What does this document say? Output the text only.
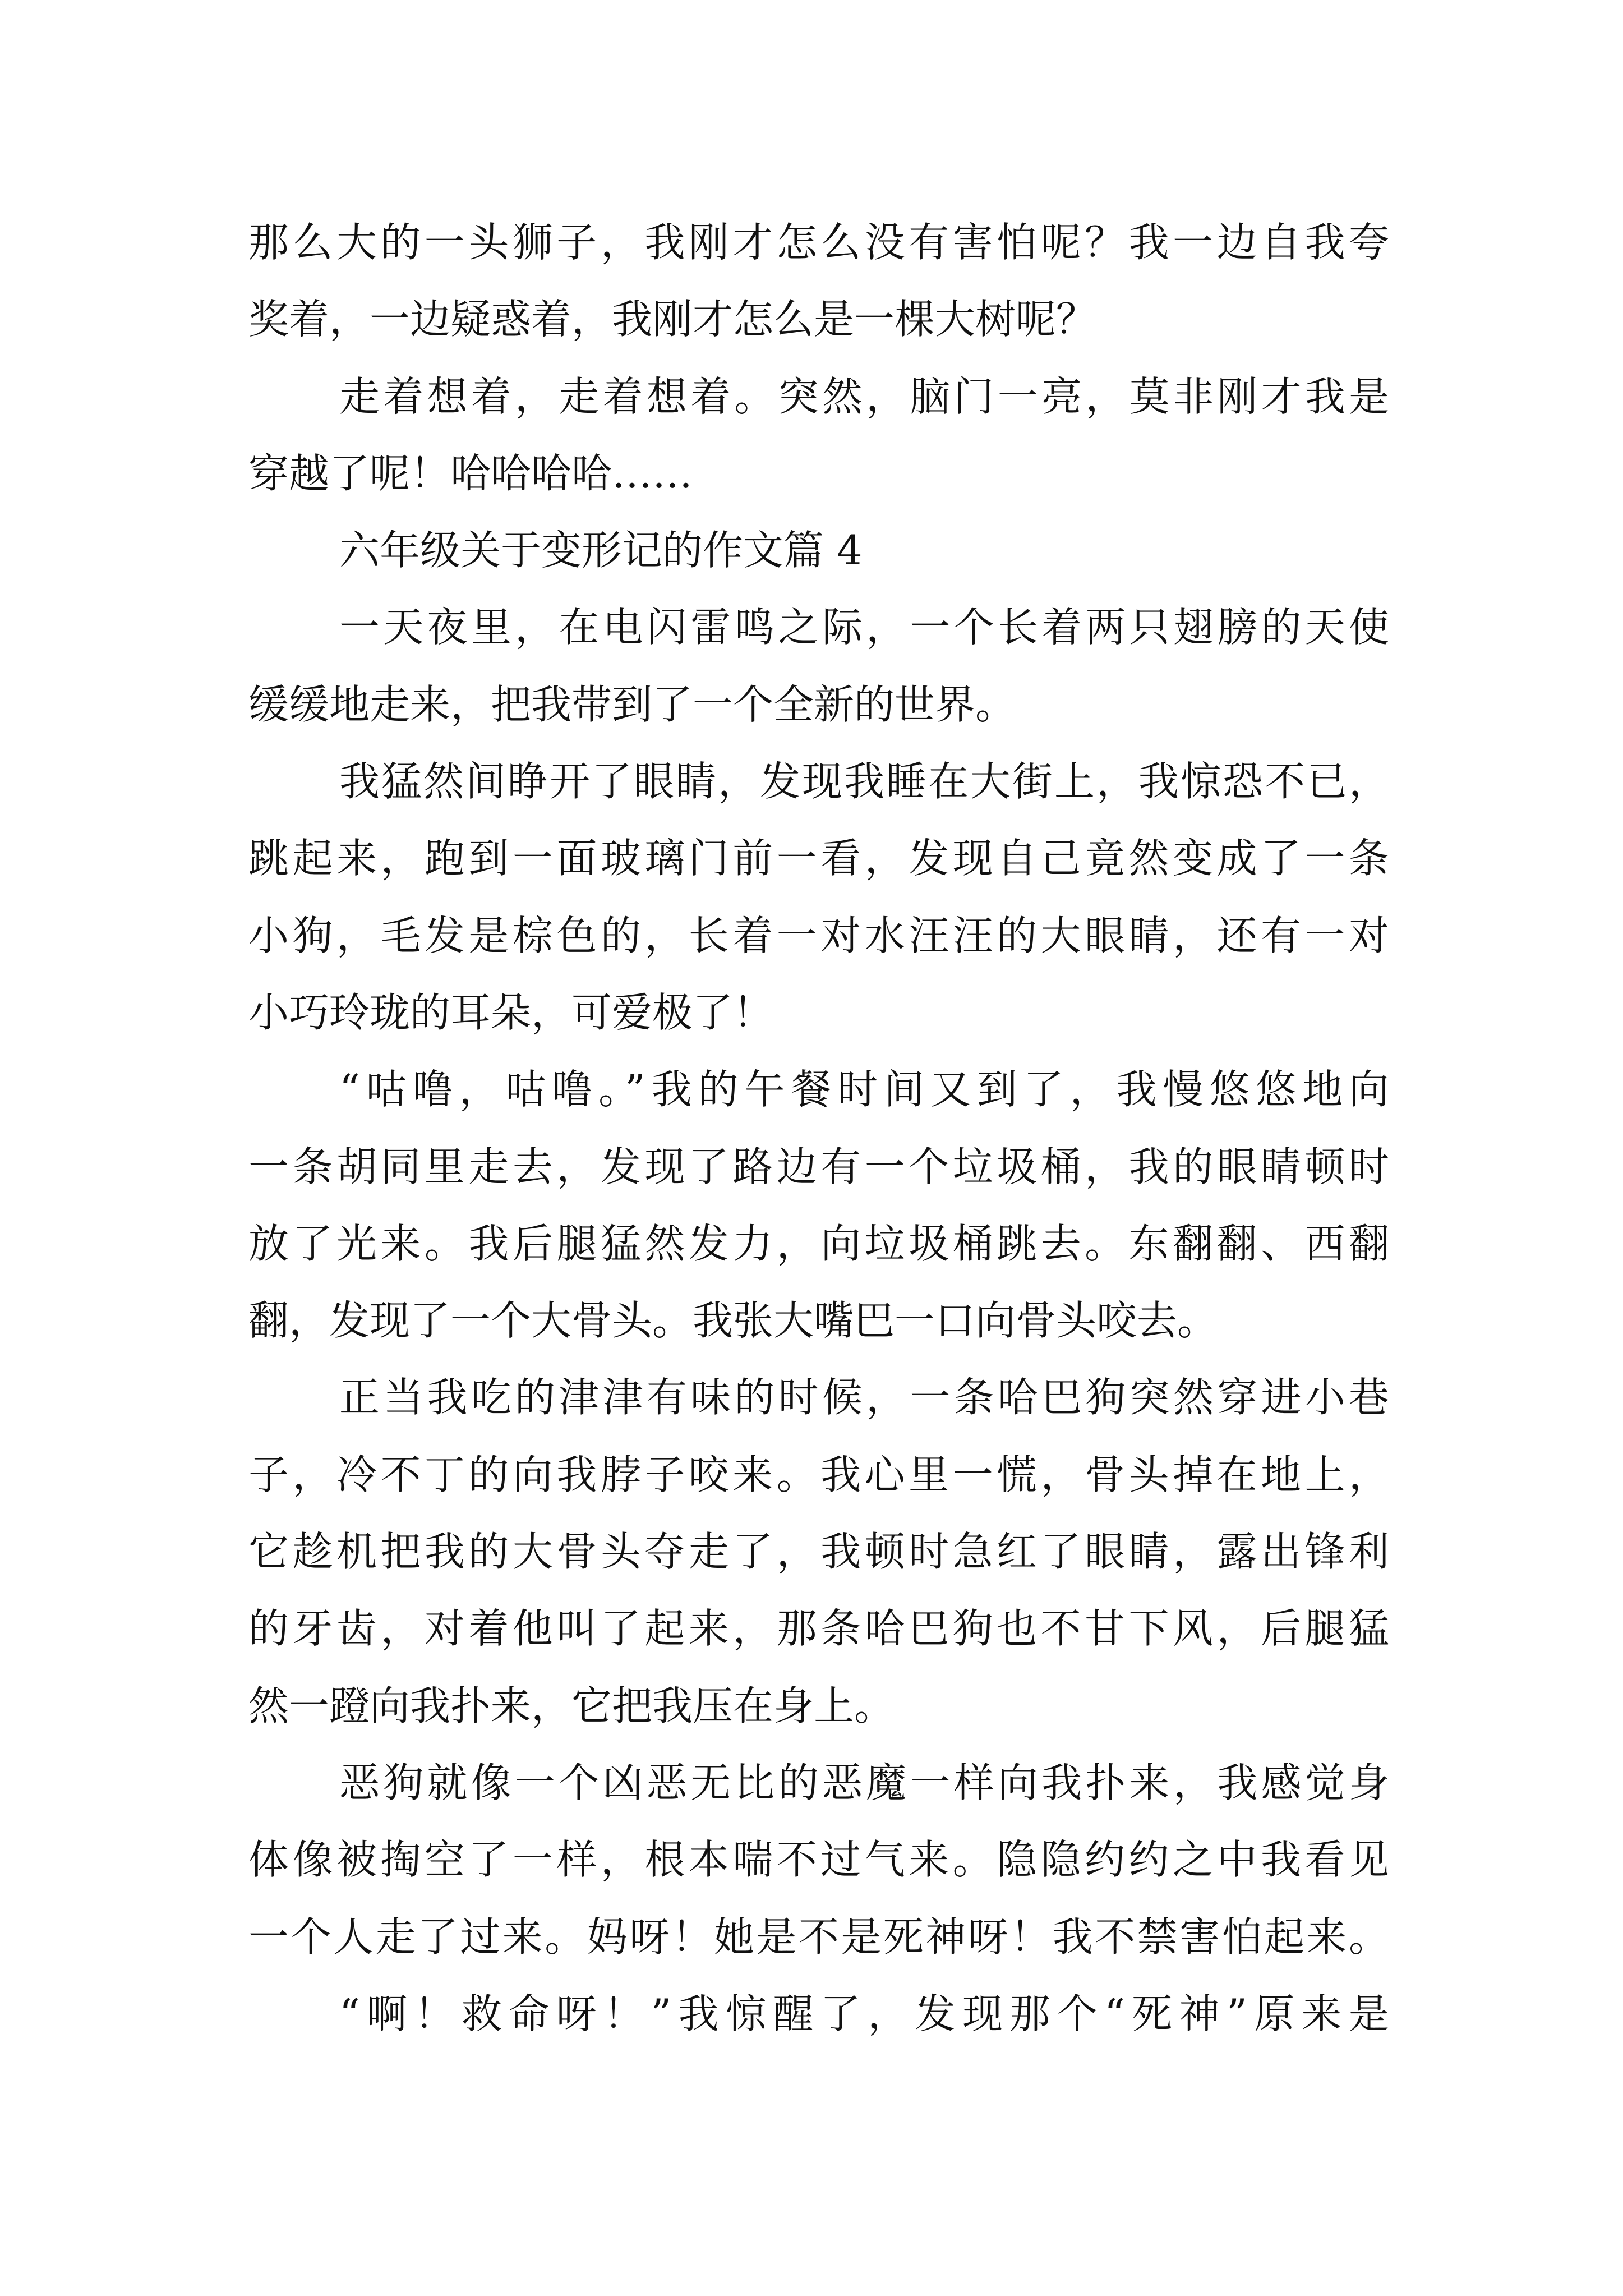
那么大的一头狮子，我刚才怎么没有害怕呢？我一边自我夸
奖着，一边疑惑着，我刚才怎么是一棵大树呢？
走着想着，走着想着。突然，脑门一亮，莫非刚才我是
穿越了呢！哈哈哈哈……
六年级关于变形记的作文篇 4
一天夜里，在电闪雷鸣之际，一个长着两只翅膀的天使
缓缓地走来，把我带到了一个全新的世界。
我猛然间睁开了眼睛，发现我睡在大街上，我惊恐不已，
跳起来，跑到一面玻璃门前一看，发现自己竟然变成了一条
小狗，毛发是棕色的，长着一对水汪汪的大眼睛，还有一对
小巧玲珑的耳朵，可爱极了！
“咕噜，咕噜。”我的午餐时间又到了，我慢悠悠地向
一条胡同里走去，发现了路边有一个垃圾桶，我的眼睛顿时
放了光来。我后腿猛然发力，向垃圾桶跳去。东翻翻、西翻
翻，发现了一个大骨头。我张大嘴巴一口向骨头咬去。
正当我吃的津津有味的时候，一条哈巴狗突然穿进小巷
子，冷不丁的向我脖子咬来。我心里一慌，骨头掉在地上，
它趁机把我的大骨头夺走了，我顿时急红了眼睛，露出锋利
的牙齿，对着他叫了起来，那条哈巴狗也不甘下风，后腿猛
然一蹬向我扑来，它把我压在身上。
恶狗就像一个凶恶无比的恶魔一样向我扑来，我感觉身
体像被掏空了一样，根本喘不过气来。隐隐约约之中我看见
一个人走了过来。妈呀！她是不是死神呀！我不禁害怕起来。
“啊！救命呀！”我惊醒了，发现那个“死神”原来是
